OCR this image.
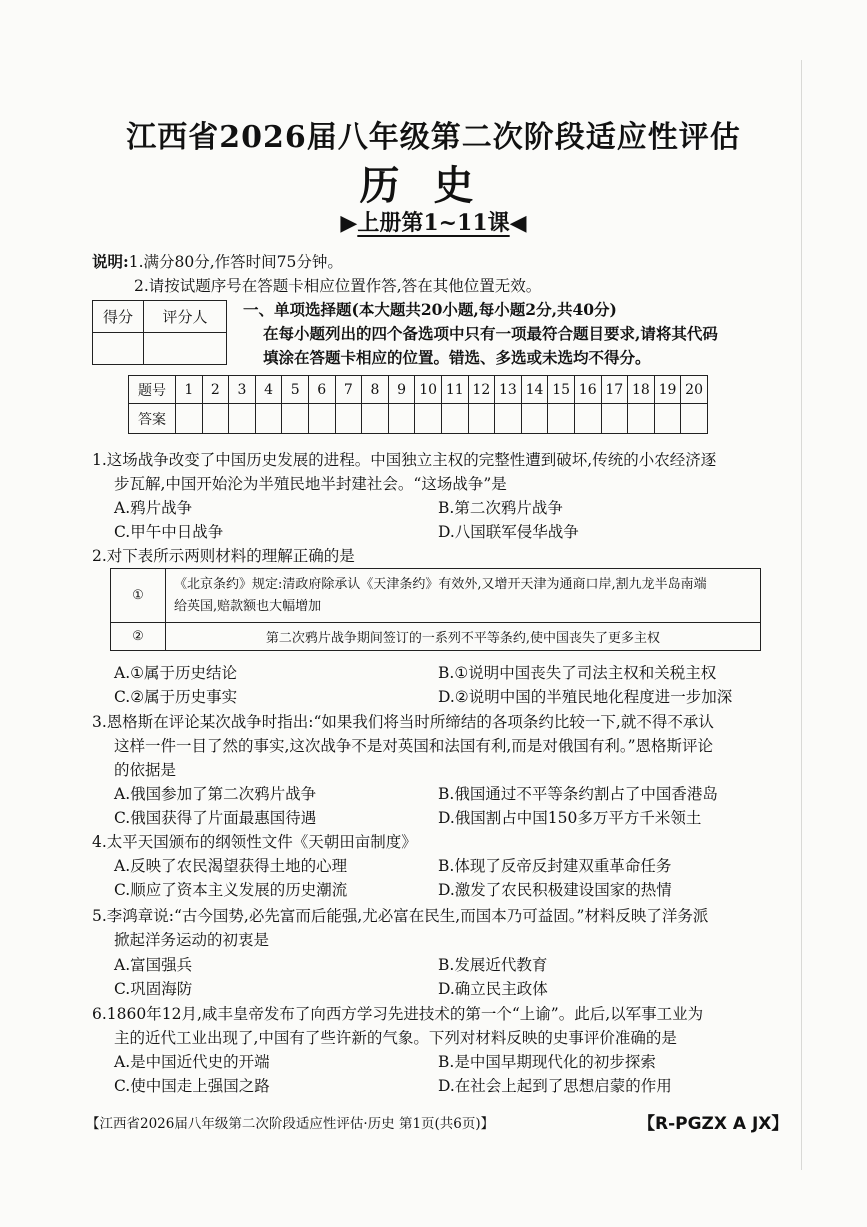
江西省2026届八年级第二次阶段适应性评估
历史
▶上册第1~11课◀
说明:1.满分80分,作答时间75分钟。
2.请按试题序号在答题卡相应位置作答,答在其他位置无效。
得分	评分人
	一、单项选择题(本大题共20小题,每小题2分,共40分)
在每小题列出的四个备选项中只有一项最符合题目要求,请将其代码
填涂在答题卡相应的位置。错选、多选或未选均不得分。
题号	1	2	3	4	5	6	7	8	9	10	11	12	13	14	15	16	17	18	19	20
答案																				
1.这场战争改变了中国历史发展的进程。中国独立主权的完整性遭到破坏,传统的小农经济逐
步瓦解,中国开始沦为半殖民地半封建社会。“这场战争”是
A.鸦片战争	B.第二次鸦片战争
C.甲午中日战争	D.八国联军侵华战争
2.对下表所示两则材料的理解正确的是
①	《北京条约》规定:清政府除承认《天津条约》有效外,又增开天津为通商口岸,割九龙半岛南端
给英国,赔款额也大幅增加

②	第二次鸦片战争期间签订的一系列不平等条约,使中国丧失了更多主权
A.①属于历史结论	B.①说明中国丧失了司法主权和关税主权
C.②属于历史事实	D.②说明中国的半殖民地化程度进一步加深
3.恩格斯在评论某次战争时指出:“如果我们将当时所缔结的各项条约比较一下,就不得不承认
这样一件一目了然的事实,这次战争不是对英国和法国有利,而是对俄国有利。”恩格斯评论
的依据是
A.俄国参加了第二次鸦片战争	B.俄国通过不平等条约割占了中国香港岛
C.俄国获得了片面最惠国待遇	D.俄国割占中国150多万平方千米领土
4.太平天国颁布的纲领性文件《天朝田亩制度》
A.反映了农民渴望获得土地的心理	B.体现了反帝反封建双重革命任务
C.顺应了资本主义发展的历史潮流	D.激发了农民积极建设国家的热情
5.李鸿章说:“古今国势,必先富而后能强,尤必富在民生,而国本乃可益固。”材料反映了洋务派
掀起洋务运动的初衷是
A.富国强兵	B.发展近代教育
C.巩固海防	D.确立民主政体
6.1860年12月,咸丰皇帝发布了向西方学习先进技术的第一个“上谕”。此后,以军事工业为
主的近代工业出现了,中国有了些许新的气象。下列对材料反映的史事评价准确的是
A.是中国近代史的开端	B.是中国早期现代化的初步探索
C.使中国走上强国之路	D.在社会上起到了思想启蒙的作用
【江西省2026届八年级第二次阶段适应性评估·历史 第1页(共6页)】	【R-PGZX A JX】
